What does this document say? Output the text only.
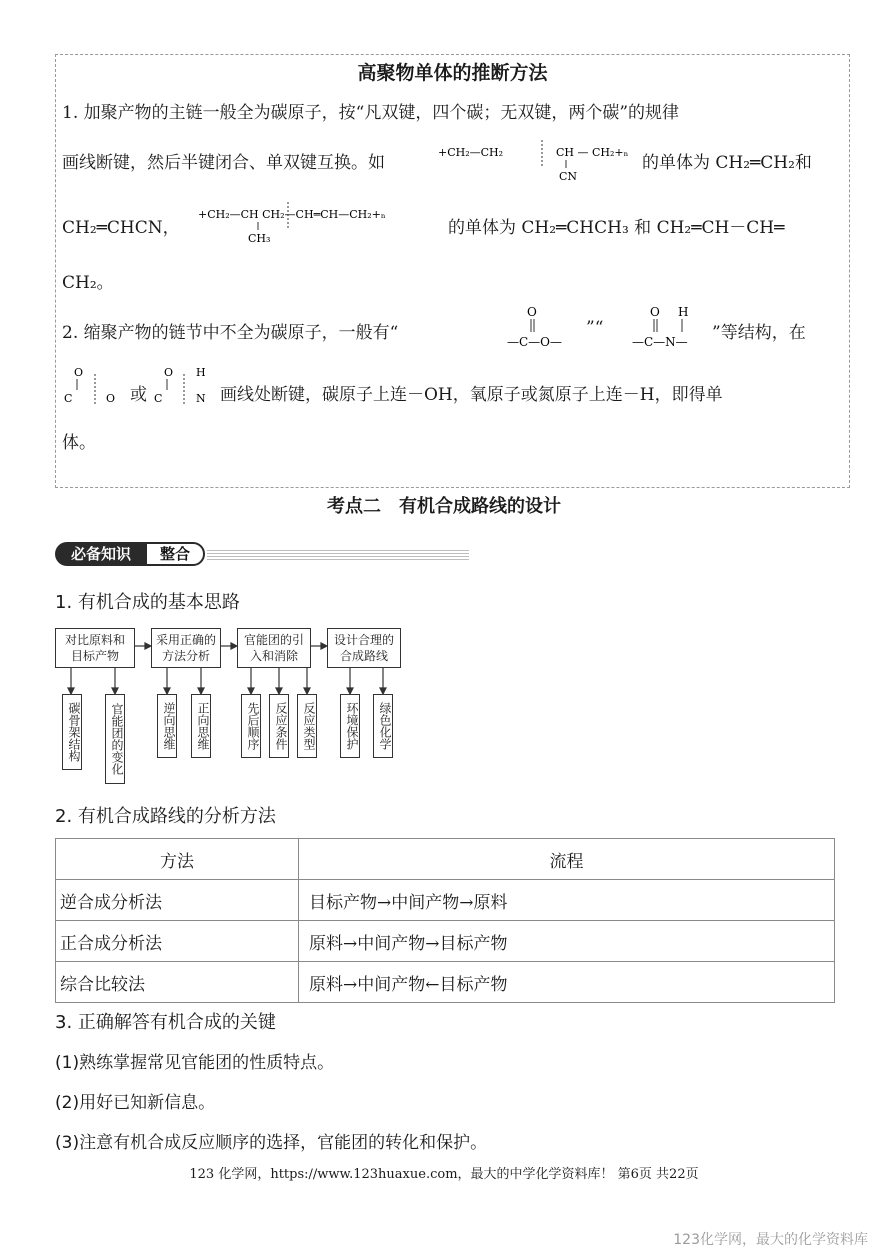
高聚物单体的推断方法
1. 加聚产物的主链一般全为碳原子，按“凡双键，四个碳；无双键，两个碳”的规律
画线断键，然后半键闭合、单双键互换。如
+CH₂—CH₂	CH — CH₂+ₙ
CN
的单体为 CH₂═CH₂和
CH₂═CHCN，
+CH₂—CH CH₂—CH═CH—CH₂+ₙ
CH₃
的单体为 CH₂═CHCH₃ 和 CH₂═CH－CH═
CH₂。
2. 缩聚产物的链节中不全为碳原子，一般有“
O
—C—O—
”“
O H
—C—N— ”等结构，在
O
C	O 或
O H
C	N 画线处断键，碳原子上连－OH，氧原子或氮原子上连－H，即得单
体。
考点二　有机合成路线的设计
必备知识	整合
1. 有机合成的基本思路
对比原料和目标产物
采用正确的方法分析
官能团的引入和消除
设计合理的合成路线
碳骨架结构	官能团的变化	逆向思维	正向思维	先后顺序	反应条件	反应类型	环境保护	绿色化学
2. 有机合成路线的分析方法
方法	流程
逆合成分析法	目标产物→中间产物→原料
正合成分析法	原料→中间产物→目标产物
综合比较法	原料→中间产物←目标产物
3. 正确解答有机合成的关键
(1)熟练掌握常见官能团的性质特点。
(2)用好已知新信息。
(3)注意有机合成反应顺序的选择，官能团的转化和保护。
123 化学网，https://www.123huaxue.com，最大的中学化学资料库！ 第6页 共22页
123化学网，最大的化学资料库
